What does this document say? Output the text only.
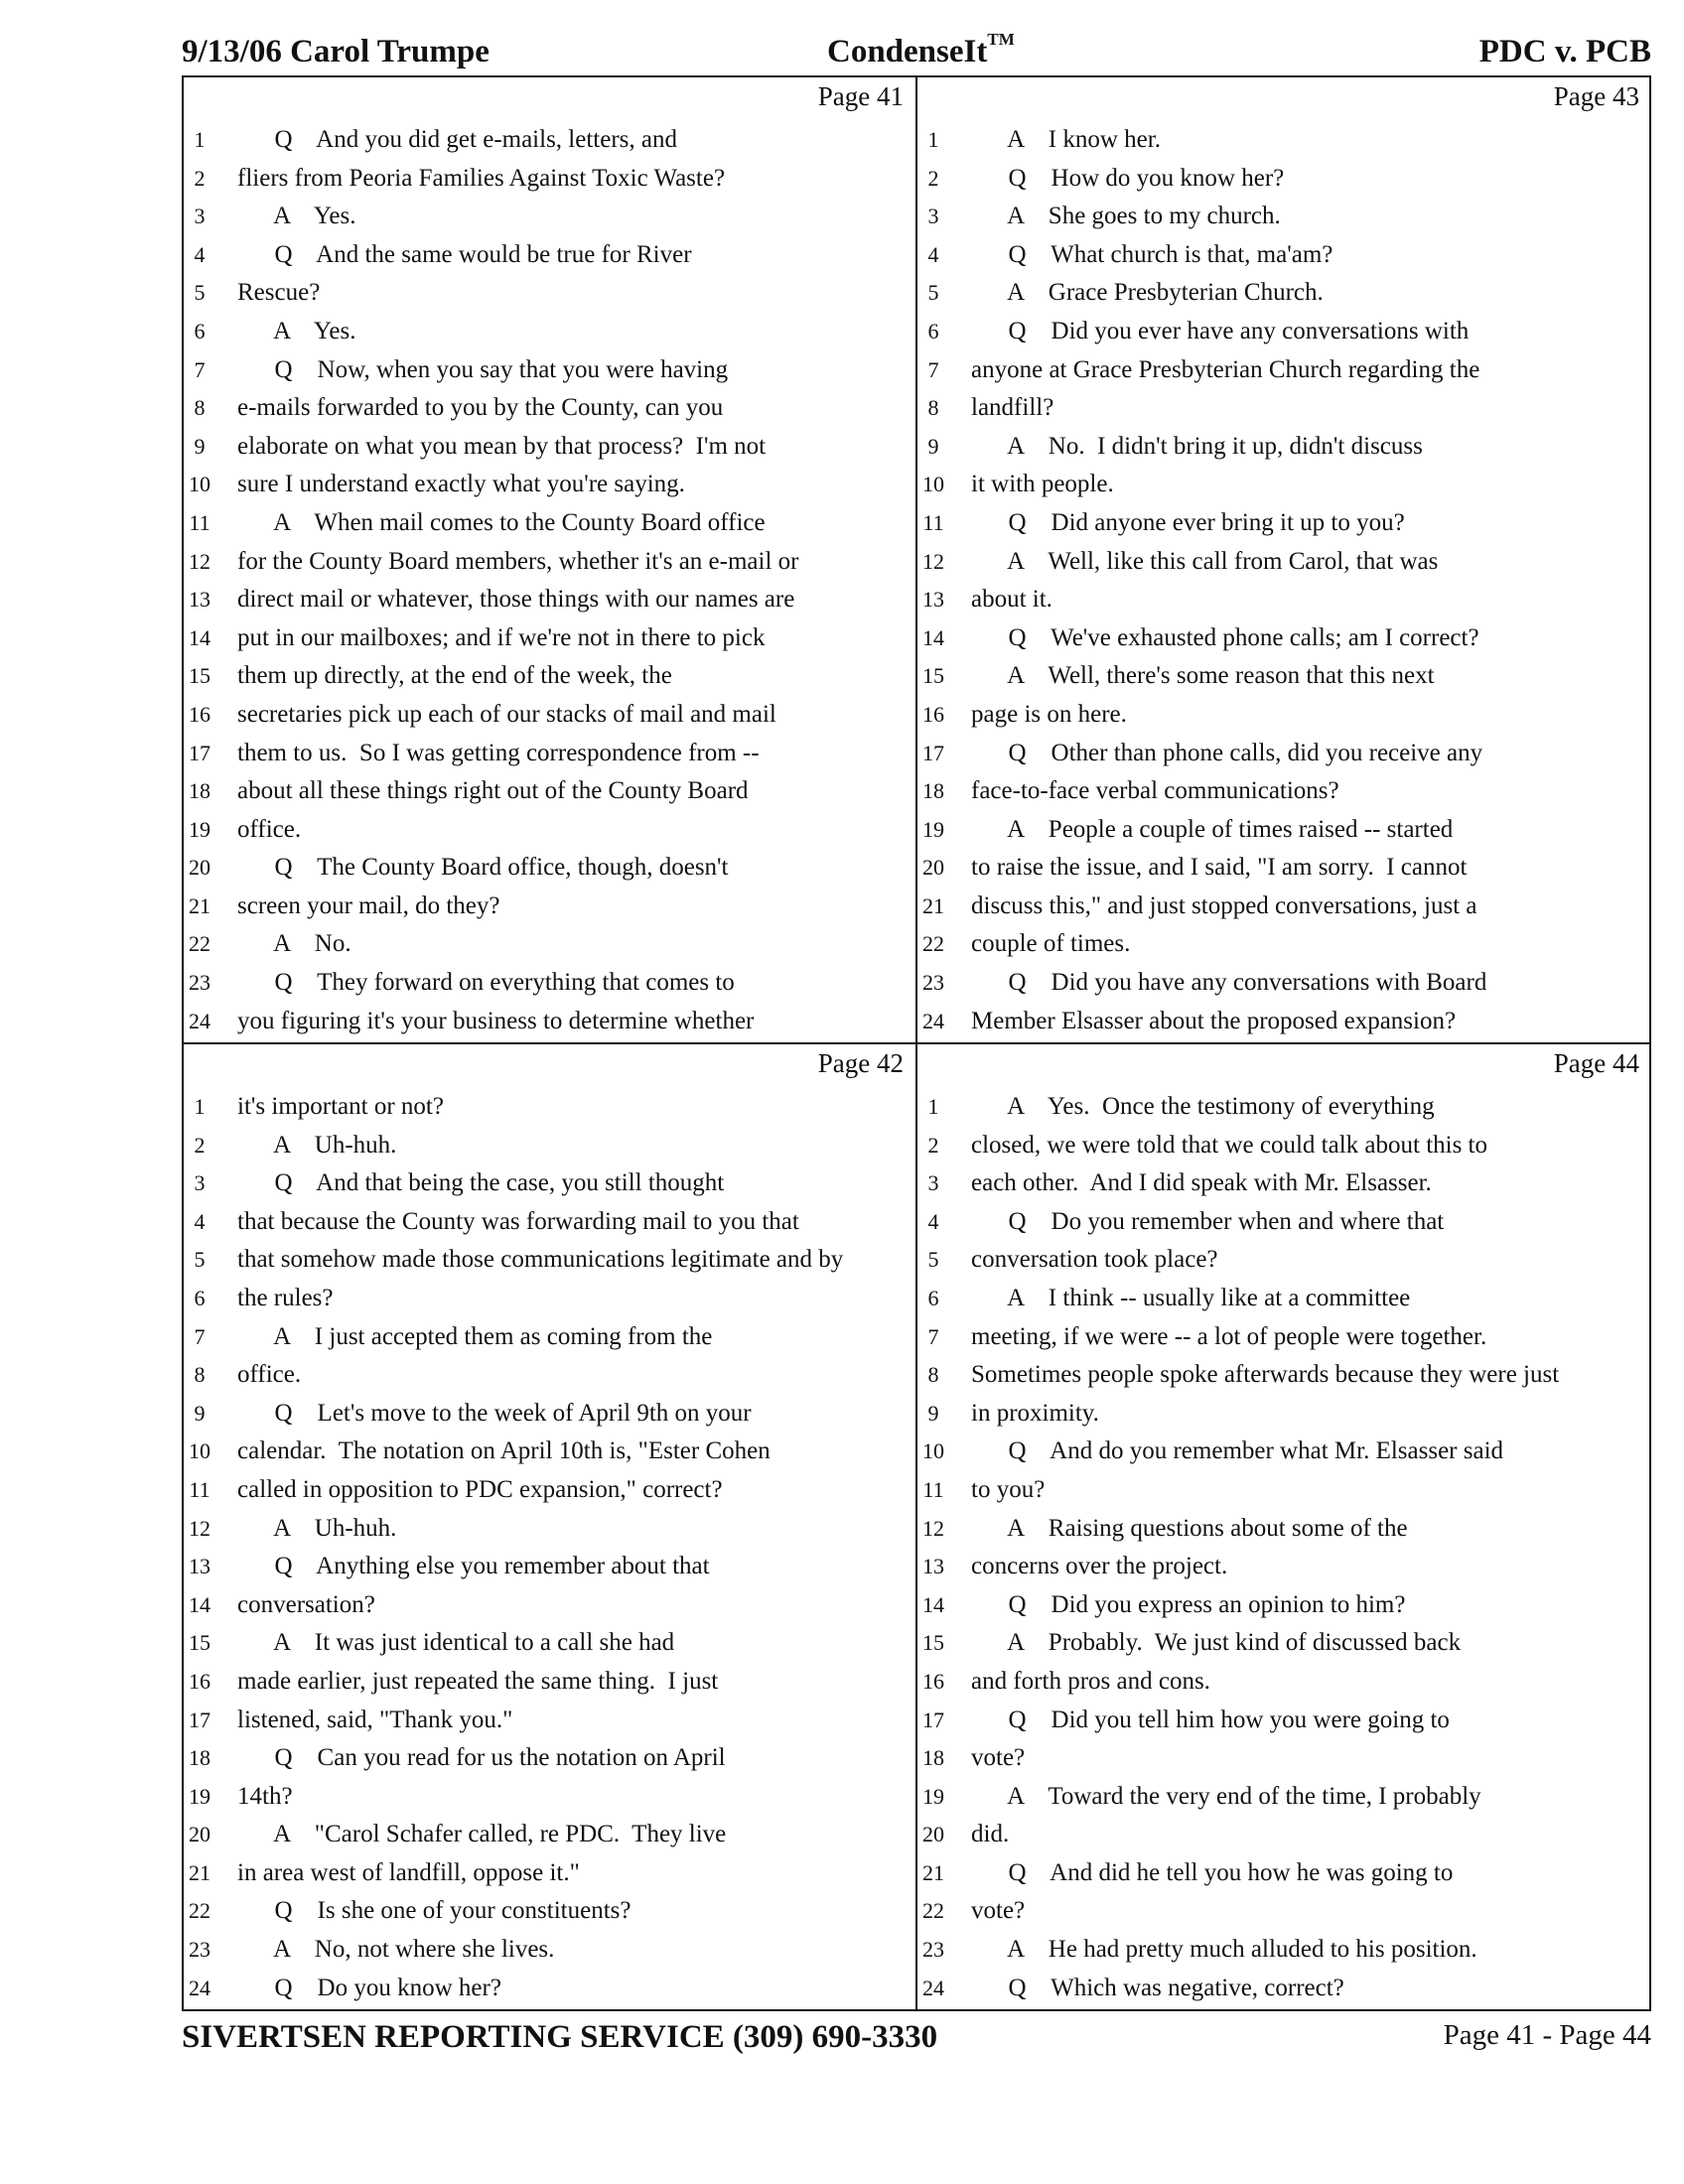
9/13/06 Carol Trumpe	CondenseIt™	PDC v. PCB
Page 41
1	Q    And you did get e-mails, letters, and
2	fliers from Peoria Families Against Toxic Waste?
3	A    Yes.
4	Q    And the same would be true for River
5	Rescue?
6	A    Yes.
7	Q    Now, when you say that you were having
8	e-mails forwarded to you by the County, can you
9	elaborate on what you mean by that process?  I'm not
10 sure I understand exactly what you're saying.
11 A    When mail comes to the County Board office
12 for the County Board members, whether it's an e-mail or
13 direct mail or whatever, those things with our names are
14 put in our mailboxes; and if we're not in there to pick
15 them up directly, at the end of the week, the
16 secretaries pick up each of our stacks of mail and mail
17 them to us.  So I was getting correspondence from --
18 about all these things right out of the County Board
19 office.
20 Q    The County Board office, though, doesn't
21 screen your mail, do they?
22 A    No.
23 Q    They forward on everything that comes to
24 you figuring it's your business to determine whether
Page 43
1	A    I know her.
2	Q    How do you know her?
3	A    She goes to my church.
4	Q    What church is that, ma'am?
5	A    Grace Presbyterian Church.
6	Q    Did you ever have any conversations with
7	anyone at Grace Presbyterian Church regarding the
8	landfill?
9	A    No.  I didn't bring it up, didn't discuss
10 it with people.
11 Q    Did anyone ever bring it up to you?
12 A    Well, like this call from Carol, that was
13 about it.
14 Q    We've exhausted phone calls; am I correct?
15 A    Well, there's some reason that this next
16 page is on here.
17 Q    Other than phone calls, did you receive any
18 face-to-face verbal communications?
19 A    People a couple of times raised -- started
20 to raise the issue, and I said, "I am sorry.  I cannot
21 discuss this," and just stopped conversations, just a
22 couple of times.
23 Q    Did you have any conversations with Board
24 Member Elsasser about the proposed expansion?
Page 42
1	it's important or not?
2	A    Uh-huh.
3	Q    And that being the case, you still thought
4	that because the County was forwarding mail to you that
5	that somehow made those communications legitimate and by
6	the rules?
7	A    I just accepted them as coming from the
8	office.
9	Q    Let's move to the week of April 9th on your
10 calendar.  The notation on April 10th is, "Ester Cohen
11 called in opposition to PDC expansion," correct?
12 A    Uh-huh.
13 Q    Anything else you remember about that
14 conversation?
15 A    It was just identical to a call she had
16 made earlier, just repeated the same thing.  I just
17 listened, said, "Thank you."
18 Q    Can you read for us the notation on April
19 14th?
20 A    "Carol Schafer called, re PDC.  They live
21 in area west of landfill, oppose it."
22 Q    Is she one of your constituents?
23 A    No, not where she lives.
24 Q    Do you know her?
Page 44
1	A    Yes.  Once the testimony of everything
2	closed, we were told that we could talk about this to
3	each other.  And I did speak with Mr. Elsasser.
4	Q    Do you remember when and where that
5	conversation took place?
6	A    I think -- usually like at a committee
7	meeting, if we were -- a lot of people were together.
8	Sometimes people spoke afterwards because they were just
9	in proximity.
10 Q    And do you remember what Mr. Elsasser said
11 to you?
12 A    Raising questions about some of the
13 concerns over the project.
14 Q    Did you express an opinion to him?
15 A    Probably.  We just kind of discussed back
16 and forth pros and cons.
17 Q    Did you tell him how you were going to
18 vote?
19 A    Toward the very end of the time, I probably
20 did.
21 Q    And did he tell you how he was going to
22 vote?
23 A    He had pretty much alluded to his position.
24 Q    Which was negative, correct?
SIVERTSEN REPORTING SERVICE (309) 690-3330	Page 41 - Page 44
